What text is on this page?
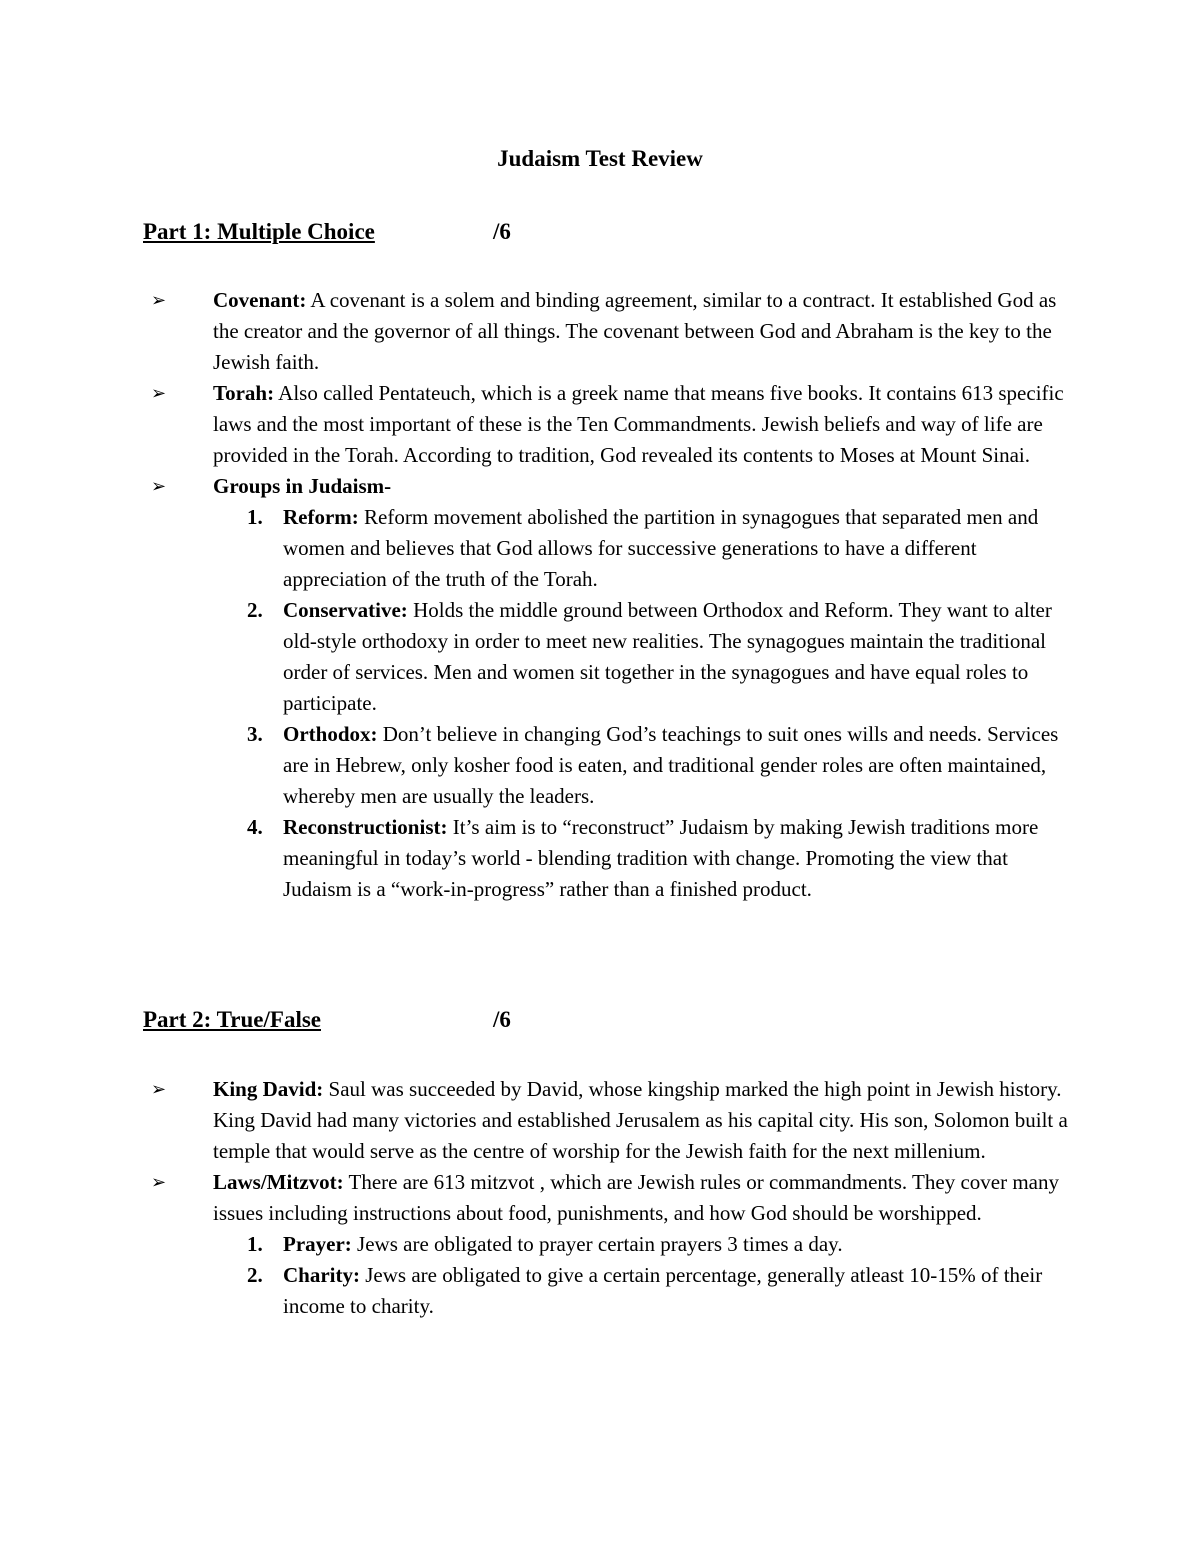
Judaism Test Review
Part 1: Multiple Choice	/6
➢ Covenant: A covenant is a solem and binding agreement, similar to a contract. It established God as the creator and the governor of all things. The covenant between God and Abraham is the key to the Jewish faith.
➢ Torah: Also called Pentateuch, which is a greek name that means five books. It contains 613 specific laws and the most important of these is the Ten Commandments. Jewish beliefs and way of life are provided in the Torah. According to tradition, God revealed its contents to Moses at Mount Sinai.
➢ Groups in Judaism-
1. Reform: Reform movement abolished the partition in synagogues that separated men and women and believes that God allows for successive generations to have a different appreciation of the truth of the Torah.
2. Conservative: Holds the middle ground between Orthodox and Reform. They want to alter old-style orthodoxy in order to meet new realities. The synagogues maintain the traditional order of services. Men and women sit together in the synagogues and have equal roles to participate.
3. Orthodox: Don’t believe in changing God’s teachings to suit ones wills and needs. Services are in Hebrew, only kosher food is eaten, and traditional gender roles are often maintained, whereby men are usually the leaders.
4. Reconstructionist: It’s aim is to “reconstruct” Judaism by making Jewish traditions more meaningful in today’s world - blending tradition with change. Promoting the view that Judaism is a “work-in-progress” rather than a finished product.
Part 2: True/False	/6
➢ King David: Saul was succeeded by David, whose kingship marked the high point in Jewish history. King David had many victories and established Jerusalem as his capital city. His son, Solomon built a temple that would serve as the centre of worship for the Jewish faith for the next millenium.
➢ Laws/Mitzvot: There are 613 mitzvot , which are Jewish rules or commandments. They cover many issues including instructions about food, punishments, and how God should be worshipped.
1. Prayer: Jews are obligated to prayer certain prayers 3 times a day.
2. Charity: Jews are obligated to give a certain percentage, generally atleast 10-15% of their income to charity.
